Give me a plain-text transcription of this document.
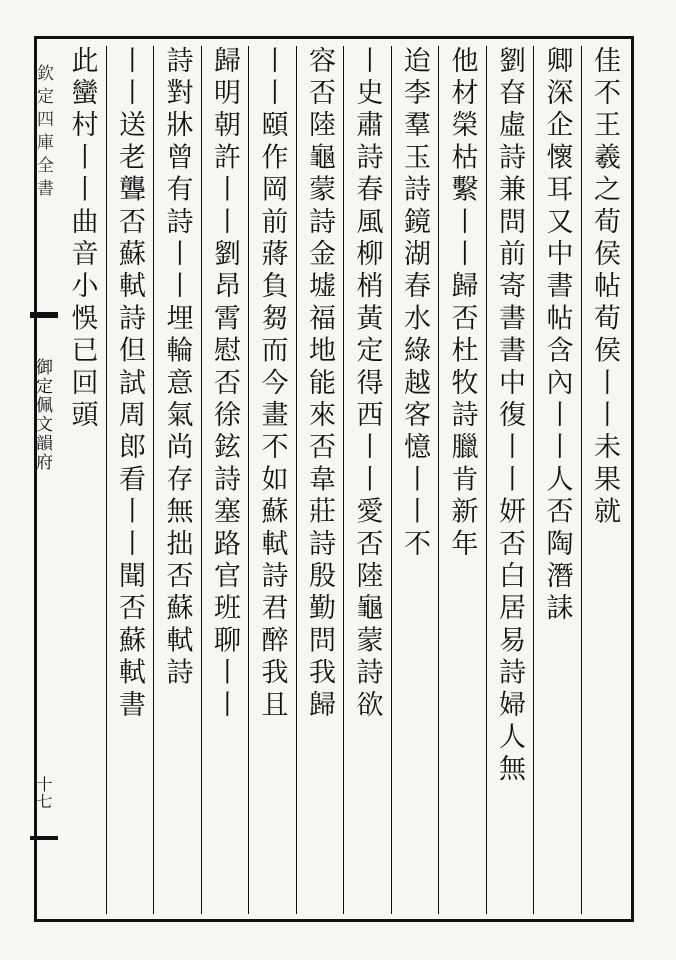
欽定四庫全書
御定佩文韻府
十七
佳不王羲之荀侯帖荀侯丨丨未果就
卿深企懷耳又中書帖含內丨丨人否陶潛誄
劉昚虛詩兼問前寄書書中復丨丨妍否白居易詩婦人無
他材榮枯繫丨丨歸否杜牧詩臘肯新年
迨李羣玉詩鏡湖春水綠越客憶丨丨不
丨史肅詩春風柳梢黃定得西丨丨愛否陸龜蒙詩欲
容否陸龜蒙詩金墟福地能來否韋莊詩殷勤問我歸
丨丨頤作岡前蔣負芻而今畫不如蘇軾詩君醉我且
歸明朝許丨丨劉昂霄慰否徐鉉詩塞路官班聊丨丨
詩對牀曾有詩丨丨埋輪意氣尚存無拙否蘇軾詩
丨丨送老聾否蘇軾詩但試周郎看丨丨聞否蘇軾書
此蠻村丨丨曲音小悞已回頭
